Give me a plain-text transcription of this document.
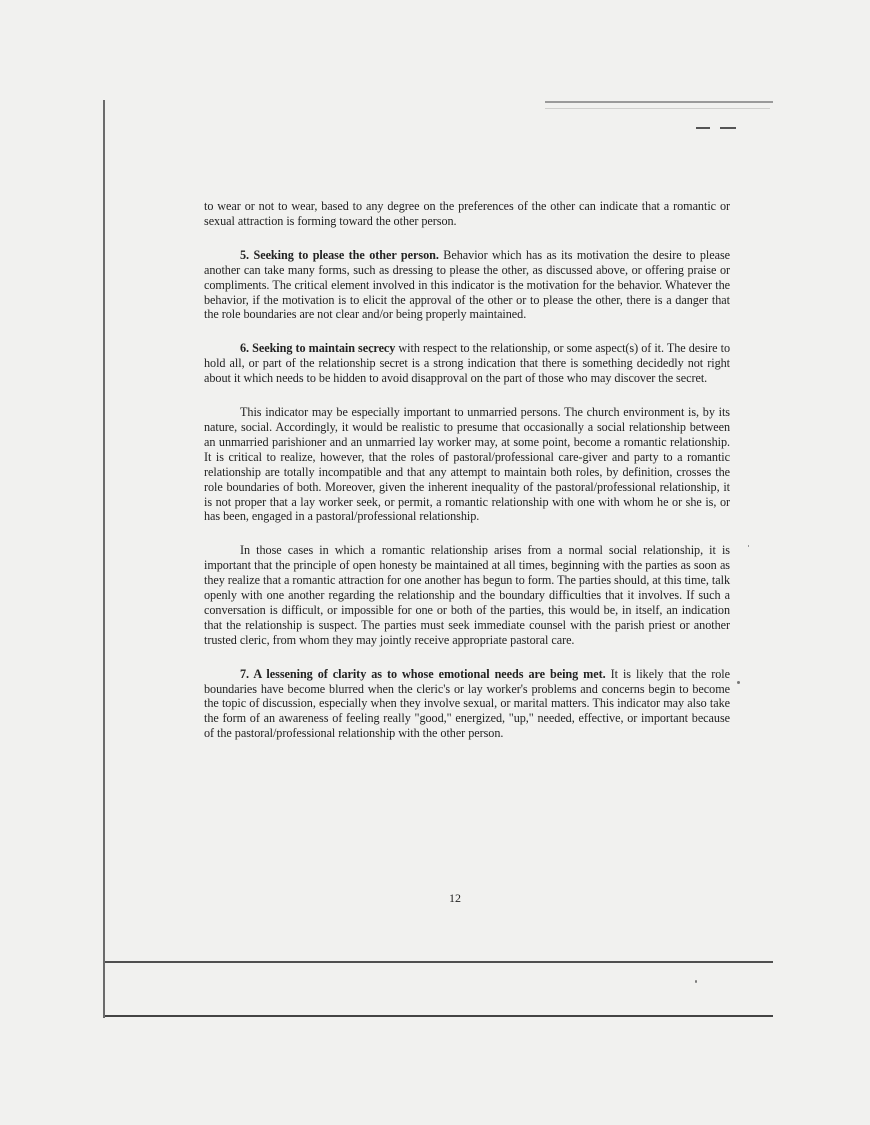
to wear or not to wear, based to any degree on the preferences of the other can indicate that a romantic or sexual attraction is forming toward the other person.

5. Seeking to please the other person. Behavior which has as its motivation the desire to please another can take many forms, such as dressing to please the other, as discussed above, or offering praise or compliments. The critical element involved in this indicator is the motivation for the behavior. Whatever the behavior, if the motivation is to elicit the approval of the other or to please the other, there is a danger that the role boundaries are not clear and/or being properly maintained.

6. Seeking to maintain secrecy with respect to the relationship, or some aspect(s) of it. The desire to hold all, or part of the relationship secret is a strong indication that there is something decidedly not right about it which needs to be hidden to avoid disapproval on the part of those who may discover the secret.

This indicator may be especially important to unmarried persons. The church environment is, by its nature, social. Accordingly, it would be realistic to presume that occasionally a social relationship between an unmarried parishioner and an unmarried lay worker may, at some point, become a romantic relationship. It is critical to realize, however, that the roles of pastoral/professional care-giver and party to a romantic relationship are totally incompatible and that any attempt to maintain both roles, by definition, crosses the role boundaries of both. Moreover, given the inherent inequality of the pastoral/professional relationship, it is not proper that a lay worker seek, or permit, a romantic relationship with one with whom he or she is, or has been, engaged in a pastoral/professional relationship.

In those cases in which a romantic relationship arises from a normal social relationship, it is important that the principle of open honesty be maintained at all times, beginning with the parties as soon as they realize that a romantic attraction for one another has begun to form. The parties should, at this time, talk openly with one another regarding the relationship and the boundary difficulties that it involves. If such a conversation is difficult, or impossible for one or both of the parties, this would be, in itself, an indication that the relationship is suspect. The parties must seek immediate counsel with the parish priest or another trusted cleric, from whom they may jointly receive appropriate pastoral care.

7. A lessening of clarity as to whose emotional needs are being met. It is likely that the role boundaries have become blurred when the cleric's or lay worker's problems and concerns begin to become the topic of discussion, especially when they involve sexual, or marital matters. This indicator may also take the form of an awareness of feeling really "good," energized, "up," needed, effective, or important because of the pastoral/professional relationship with the other person.

12
